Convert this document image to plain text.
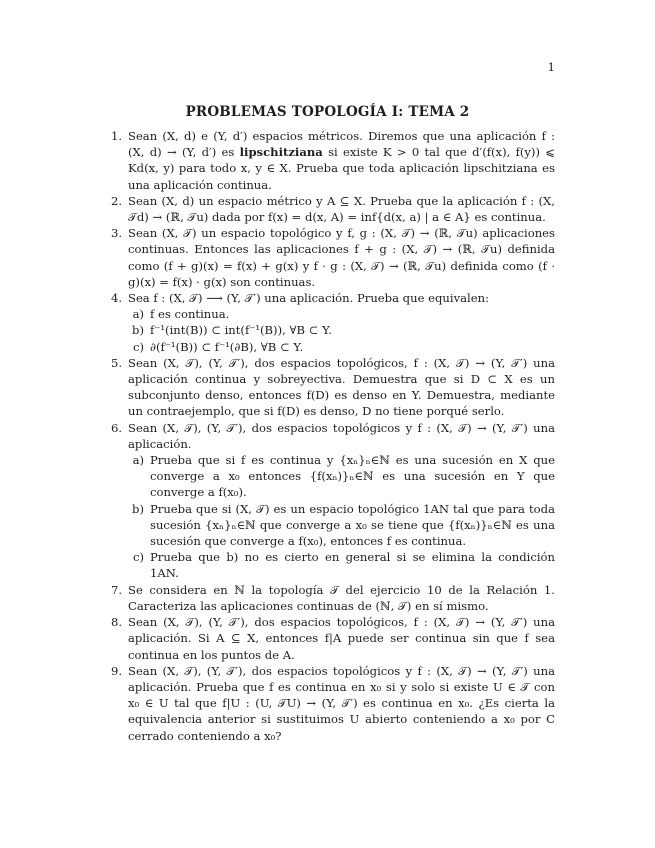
1
PROBLEMAS TOPOLOGÍA I: TEMA 2
1. Sean (X, d) e (Y, d′) espacios métricos. Diremos que una aplicación f : (X, d) → (Y, d′) es lipschitziana si existe K > 0 tal que d′(f(x), f(y)) ⩽ Kd(x, y) para todo x, y ∈ X. Prueba que toda aplicación lipschitziana es una aplicación continua.
2. Sean (X, d) un espacio métrico y A ⊆ X. Prueba que la aplicación f : (X, 𝒯d) → (ℝ, 𝒯u) dada por f(x) = d(x, A) = inf{d(x, a) | a ∈ A} es continua.
3. Sean (X, 𝒯) un espacio topológico y f, g : (X, 𝒯) → (ℝ, 𝒯u) aplicaciones continuas. Entonces las aplicaciones f + g : (X, 𝒯) → (ℝ, 𝒯u) definida como (f + g)(x) = f(x) + g(x) y f · g : (X, 𝒯) → (ℝ, 𝒯u) definida como (f · g)(x) = f(x) · g(x) son continuas.
4. Sea f : (X, 𝒯) ⟶ (Y, 𝒯′) una aplicación. Prueba que equivalen:
a) f es continua.
b) f⁻¹(int(B)) ⊂ int(f⁻¹(B)), ∀B ⊂ Y.
c) ∂(f⁻¹(B)) ⊂ f⁻¹(∂B), ∀B ⊂ Y.
5. Sean (X, 𝒯), (Y, 𝒯′), dos espacios topológicos, f : (X, 𝒯) → (Y, 𝒯′) una aplicación continua y sobreyectiva. Demuestra que si D ⊂ X es un subconjunto denso, entonces f(D) es denso en Y. Demuestra, mediante un contraejemplo, que si f(D) es denso, D no tiene porqué serlo.
6. Sean (X, 𝒯), (Y, 𝒯′), dos espacios topológicos y f : (X, 𝒯) → (Y, 𝒯′) una aplicación.
a) Prueba que si f es continua y {xₙ}ₙ∈ℕ es una sucesión en X que converge a x₀ entonces {f(xₙ)}ₙ∈ℕ es una sucesión en Y que converge a f(x₀).
b) Prueba que si (X, 𝒯) es un espacio topológico 1AN tal que para toda sucesión {xₙ}ₙ∈ℕ que converge a x₀ se tiene que {f(xₙ)}ₙ∈ℕ es una sucesión que converge a f(x₀), entonces f es continua.
c) Prueba que b) no es cierto en general si se elimina la condición 1AN.
7. Se considera en ℕ la topología 𝒯 del ejercicio 10 de la Relación 1. Caracteriza las aplicaciones continuas de (ℕ, 𝒯) en sí mismo.
8. Sean (X, 𝒯), (Y, 𝒯′), dos espacios topológicos, f : (X, 𝒯) → (Y, 𝒯′) una aplicación. Si A ⊆ X, entonces f|A puede ser continua sin que f sea continua en los puntos de A.
9. Sean (X, 𝒯), (Y, 𝒯′), dos espacios topológicos y f : (X, 𝒯) → (Y, 𝒯′) una aplicación. Prueba que f es continua en x₀ si y solo si existe U ∈ 𝒯 con x₀ ∈ U tal que f|U : (U, 𝒯U) → (Y, 𝒯′) es continua en x₀. ¿Es cierta la equivalencia anterior si sustituimos U abierto conteniendo a x₀ por C cerrado conteniendo a x₀?
